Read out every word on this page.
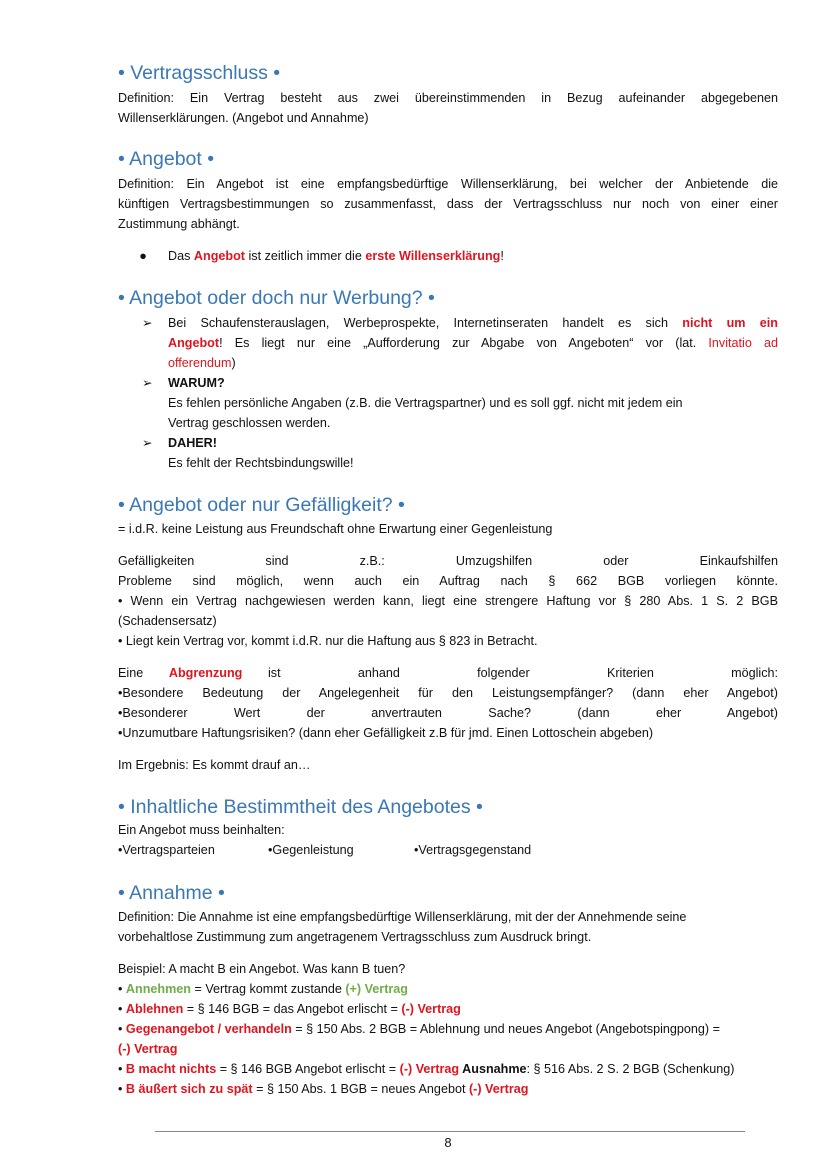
• Vertragsschluss •
Definition: Ein Vertrag besteht aus zwei übereinstimmenden in Bezug aufeinander abgegebenen
Willenserklärungen. (Angebot und Annahme)
• Angebot •
Definition: Ein Angebot ist eine empfangsbedürftige Willenserklärung, bei welcher der Anbietende die
künftigen Vertragsbestimmungen so zusammenfasst, dass der Vertragsschluss nur noch von einer einer
Zustimmung abhängt.
● Das Angebot ist zeitlich immer die erste Willenserklärung!
• Angebot oder doch nur Werbung? •
➢ Bei Schaufensterauslagen, Werbeprospekte, Internetinseraten handelt es sich nicht um ein
Angebot! Es liegt nur eine „Aufforderung zur Abgabe von Angeboten“ vor (lat. Invitatio ad
offerendum)
➢ WARUM?
Es fehlen persönliche Angaben (z.B. die Vertragspartner) und es soll ggf. nicht mit jedem ein
Vertrag geschlossen werden.
➢ DAHER!
Es fehlt der Rechtsbindungswille!
• Angebot oder nur Gefälligkeit? •
= i.d.R. keine Leistung aus Freundschaft ohne Erwartung einer Gegenleistung
Gefälligkeiten sind z.B.: Umzugshilfen oder Einkaufshilfen
Probleme sind möglich, wenn auch ein Auftrag nach § 662 BGB vorliegen könnte.
• Wenn ein Vertrag nachgewiesen werden kann, liegt eine strengere Haftung vor § 280 Abs. 1 S. 2 BGB
(Schadensersatz)
• Liegt kein Vertrag vor, kommt i.d.R. nur die Haftung aus § 823 in Betracht.
Eine Abgrenzung ist anhand folgender Kriterien möglich:
•Besondere Bedeutung der Angelegenheit für den Leistungsempfänger? (dann eher Angebot)
•Besonderer Wert der anvertrauten Sache? (dann eher Angebot)
•Unzumutbare Haftungsrisiken? (dann eher Gefälligkeit z.B für jmd. Einen Lottoschein abgeben)
Im Ergebnis: Es kommt drauf an…
• Inhaltliche Bestimmtheit des Angebotes •
Ein Angebot muss beinhalten:
•Vertragsparteien	•Gegenleistung	•Vertragsgegenstand
• Annahme •
Definition: Die Annahme ist eine empfangsbedürftige Willenserklärung, mit der der Annehmende seine
vorbehaltlose Zustimmung zum angetragenem Vertragsschluss zum Ausdruck bringt.
Beispiel: A macht B ein Angebot. Was kann B tuen?
• Annehmen = Vertrag kommt zustande (+) Vertrag
• Ablehnen = § 146 BGB = das Angebot erlischt = (-) Vertrag
• Gegenangebot / verhandeln = § 150 Abs. 2 BGB = Ablehnung und neues Angebot (Angebotspingpong) =
(-) Vertrag
• B macht nichts = § 146 BGB Angebot erlischt = (-) Vertrag Ausnahme: § 516 Abs. 2 S. 2 BGB (Schenkung)
• B äußert sich zu spät = § 150 Abs. 1 BGB = neues Angebot (-) Vertrag
8
